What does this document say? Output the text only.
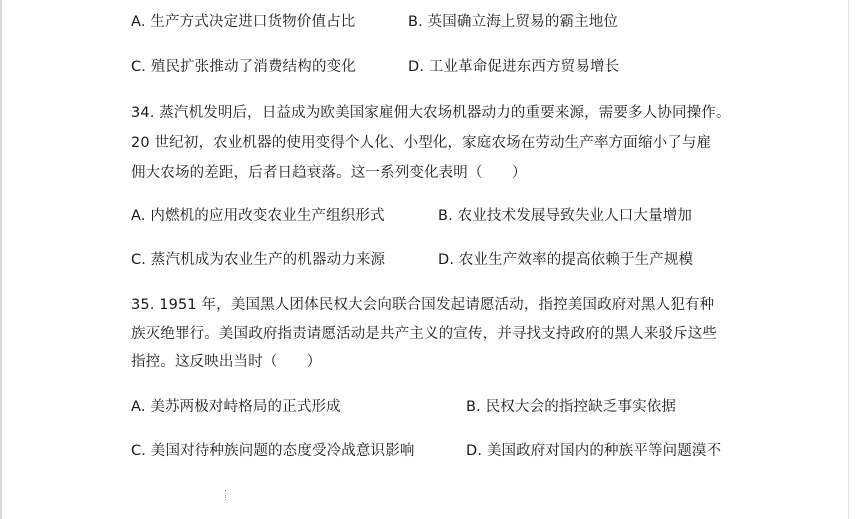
A. 生产方式决定进口货物价值占比	B. 英国确立海上贸易的霸主地位
C. 殖民扩张推动了消费结构的变化	D. 工业革命促进东西方贸易增长
34. 蒸汽机发明后，日益成为欧美国家雇佣大农场机器动力的重要来源，需要多人协同操作。
20 世纪初，农业机器的使用变得个人化、小型化，家庭农场在劳动生产率方面缩小了与雇
佣大农场的差距，后者日趋衰落。这一系列变化表明（　　）
A. 内燃机的应用改变农业生产组织形式	B. 农业技术发展导致失业人口大量增加
C. 蒸汽机成为农业生产的机器动力来源	D. 农业生产效率的提高依赖于生产规模
35. 1951 年，美国黑人团体民权大会向联合国发起请愿活动，指控美国政府对黑人犯有种
族灭绝罪行。美国政府指责请愿活动是共产主义的宣传，并寻找支持政府的黑人来驳斥这些
指控。这反映出当时（　　）
A. 美苏两极对峙格局的正式形成	B. 民权大会的指控缺乏事实依据
C. 美国对待种族问题的态度受冷战意识影响	D. 美国政府对国内的种族平等问题漠不
